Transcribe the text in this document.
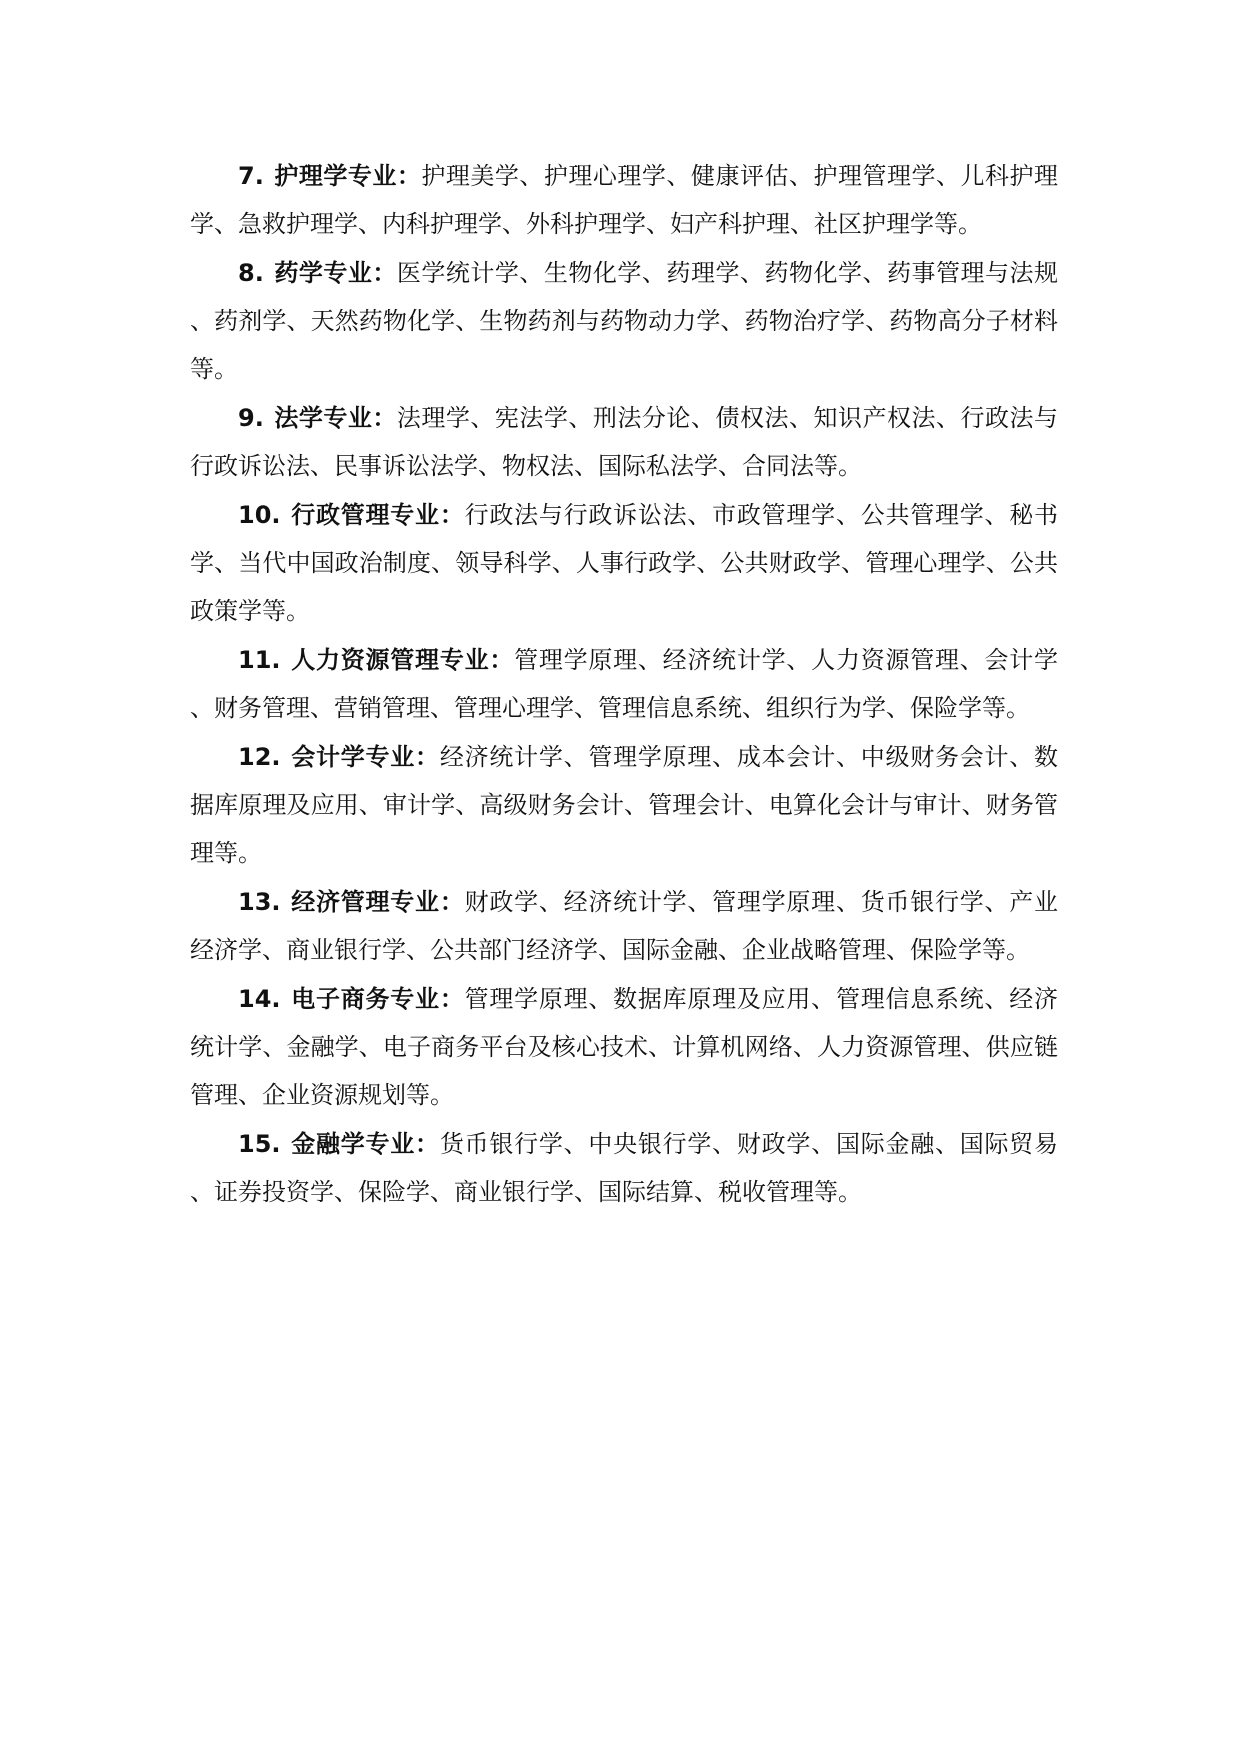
7. 护理学专业：护理美学、护理心理学、健康评估、护理管理学、儿科护理学、急救护理学、内科护理学、外科护理学、妇产科护理、社区护理学等。

8. 药学专业：医学统计学、生物化学、药理学、药物化学、药事管理与法规、药剂学、天然药物化学、生物药剂与药物动力学、药物治疗学、药物高分子材料等。

9. 法学专业：法理学、宪法学、刑法分论、债权法、知识产权法、行政法与行政诉讼法、民事诉讼法学、物权法、国际私法学、合同法等。

10. 行政管理专业：行政法与行政诉讼法、市政管理学、公共管理学、秘书学、当代中国政治制度、领导科学、人事行政学、公共财政学、管理心理学、公共政策学等。

11. 人力资源管理专业：管理学原理、经济统计学、人力资源管理、会计学、财务管理、营销管理、管理心理学、管理信息系统、组织行为学、保险学等。

12. 会计学专业：经济统计学、管理学原理、成本会计、中级财务会计、数据库原理及应用、审计学、高级财务会计、管理会计、电算化会计与审计、财务管理等。

13. 经济管理专业：财政学、经济统计学、管理学原理、货币银行学、产业经济学、商业银行学、公共部门经济学、国际金融、企业战略管理、保险学等。

14. 电子商务专业：管理学原理、数据库原理及应用、管理信息系统、经济统计学、金融学、电子商务平台及核心技术、计算机网络、人力资源管理、供应链管理、企业资源规划等。

15. 金融学专业：货币银行学、中央银行学、财政学、国际金融、国际贸易、证券投资学、保险学、商业银行学、国际结算、税收管理等。
